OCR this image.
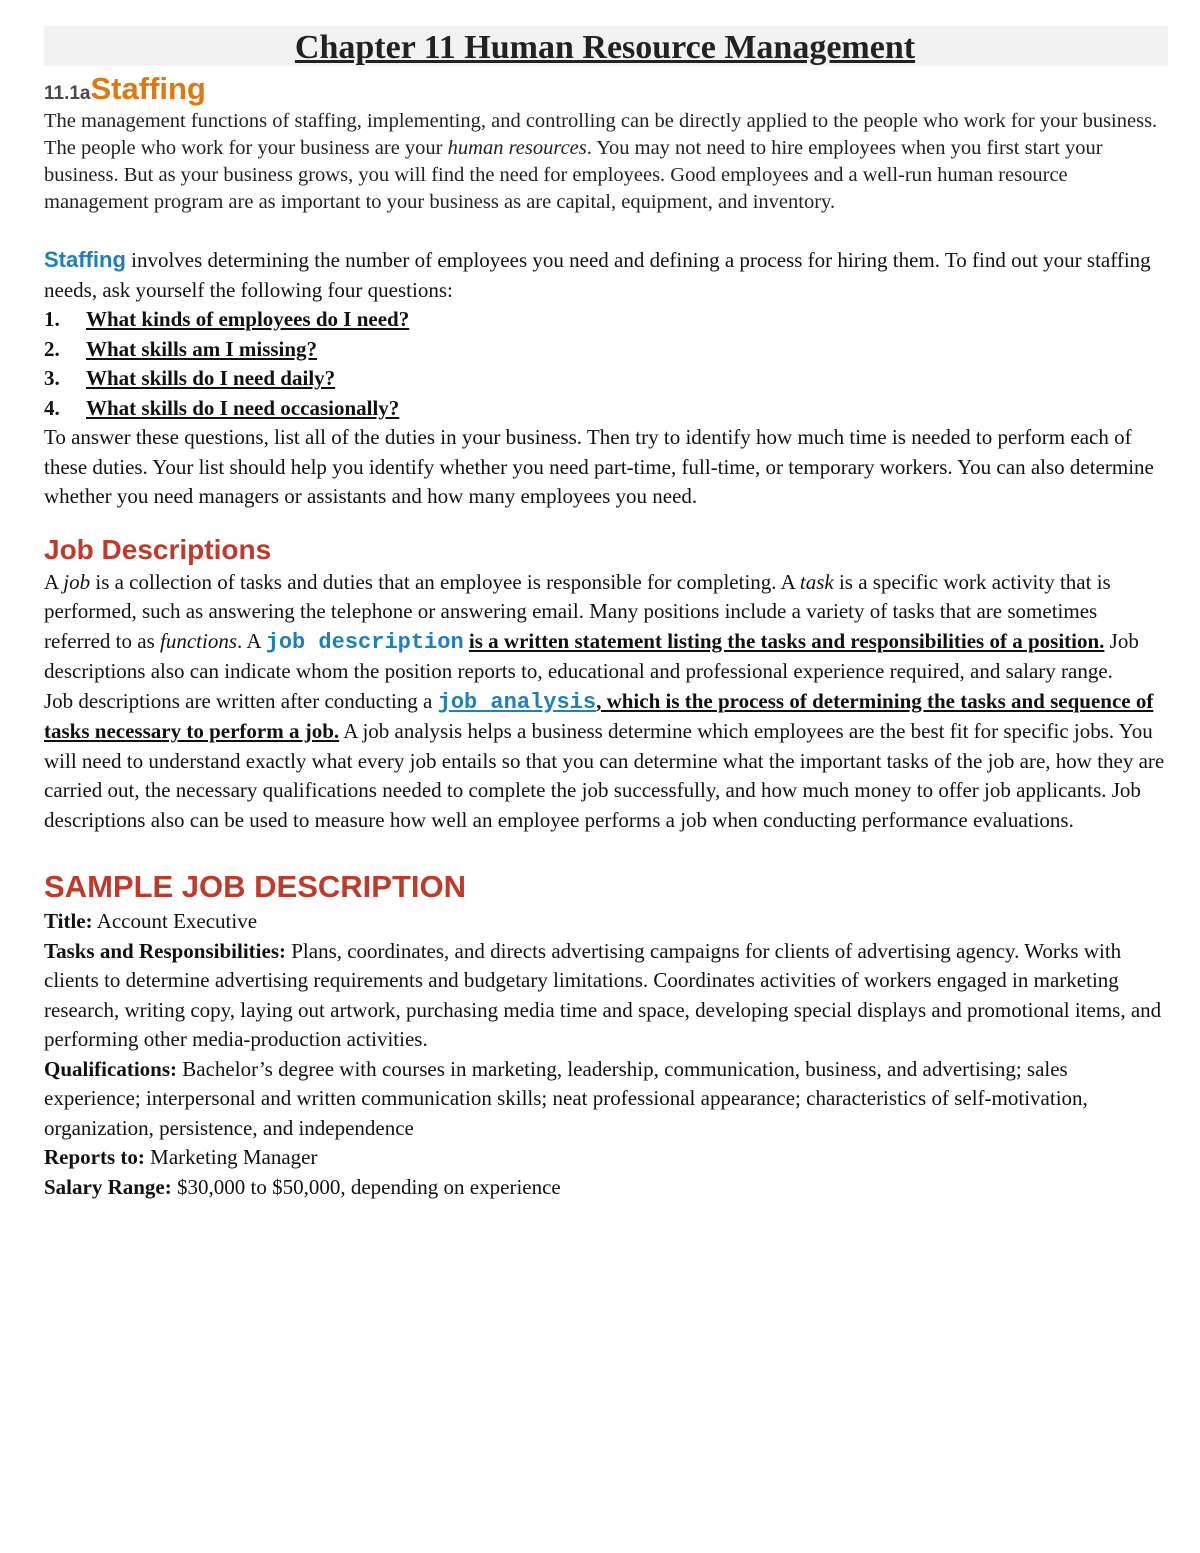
Chapter 11 Human Resource Management

11.1aStaffing

The management functions of staffing, implementing, and controlling can be directly applied to the people who work for your business. The people who work for your business are your human resources. You may not need to hire employees when you first start your business. But as your business grows, you will find the need for employees. Good employees and a well-run human resource management program are as important to your business as are capital, equipment, and inventory.

Staffing involves determining the number of employees you need and defining a process for hiring them. To find out your staffing needs, ask yourself the following four questions:

1. What kinds of employees do I need?
2. What skills am I missing?
3. What skills do I need daily?
4. What skills do I need occasionally?

To answer these questions, list all of the duties in your business. Then try to identify how much time is needed to perform each of these duties. Your list should help you identify whether you need part-time, full-time, or temporary workers. You can also determine whether you need managers or assistants and how many employees you need.

Job Descriptions

A job is a collection of tasks and duties that an employee is responsible for completing. A task is a specific work activity that is performed, such as answering the telephone or answering email. Many positions include a variety of tasks that are sometimes referred to as functions. A job description is a written statement listing the tasks and responsibilities of a position. Job descriptions also can indicate whom the position reports to, educational and professional experience required, and salary range.

Job descriptions are written after conducting a job analysis, which is the process of determining the tasks and sequence of tasks necessary to perform a job. A job analysis helps a business determine which employees are the best fit for specific jobs. You will need to understand exactly what every job entails so that you can determine what the important tasks of the job are, how they are carried out, the necessary qualifications needed to complete the job successfully, and how much money to offer job applicants. Job descriptions also can be used to measure how well an employee performs a job when conducting performance evaluations.

SAMPLE JOB DESCRIPTION

Title: Account Executive

Tasks and Responsibilities: Plans, coordinates, and directs advertising campaigns for clients of advertising agency. Works with clients to determine advertising requirements and budgetary limitations. Coordinates activities of workers engaged in marketing research, writing copy, laying out artwork, purchasing media time and space, developing special displays and promotional items, and performing other media-production activities.

Qualifications: Bachelor’s degree with courses in marketing, leadership, communication, business, and advertising; sales experience; interpersonal and written communication skills; neat professional appearance; characteristics of self-motivation, organization, persistence, and independence

Reports to: Marketing Manager

Salary Range: $30,000 to $50,000, depending on experience
